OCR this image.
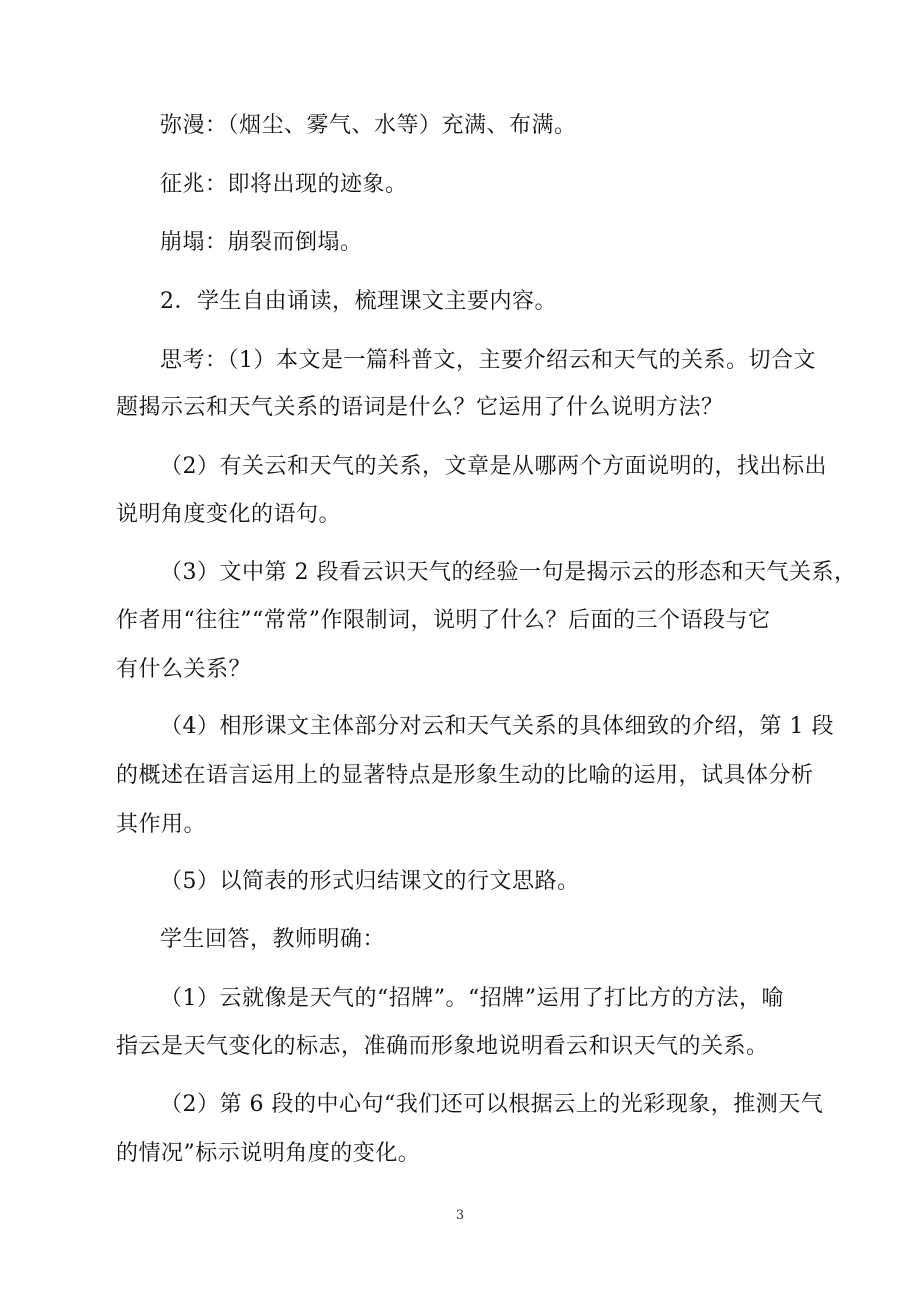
弥漫：（烟尘、雾气、水等）充满、布满。
征兆：即将出现的迹象。
崩塌：崩裂而倒塌。
2．学生自由诵读，梳理课文主要内容。
思考：（1）本文是一篇科普文，主要介绍云和天气的关系。切合文
题揭示云和天气关系的语词是什么？它运用了什么说明方法？
（2）有关云和天气的关系，文章是从哪两个方面说明的，找出标出
说明角度变化的语句。
（3）文中第 2 段看云识天气的经验一句是揭示云的形态和天气关系，
作者用“往往”“常常”作限制词，说明了什么？后面的三个语段与它
有什么关系？
（4）相形课文主体部分对云和天气关系的具体细致的介绍，第 1 段
的概述在语言运用上的显著特点是形象生动的比喻的运用，试具体分析
其作用。
（5）以简表的形式归结课文的行文思路。
学生回答，教师明确：
（1）云就像是天气的“招牌”。“招牌”运用了打比方的方法，喻
指云是天气变化的标志，准确而形象地说明看云和识天气的关系。
（2）第 6 段的中心句“我们还可以根据云上的光彩现象，推测天气
的情况”标示说明角度的变化。
3
